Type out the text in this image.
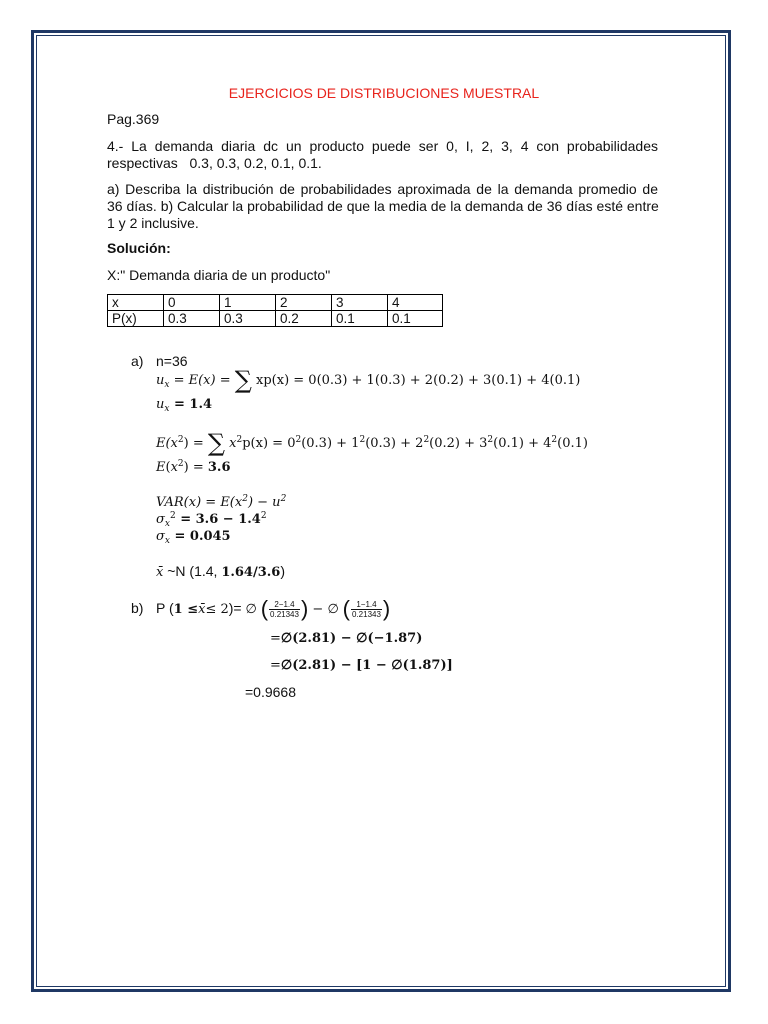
EJERCICIOS DE DISTRIBUCIONES MUESTRAL
Pag.369
4.- La demanda diaria dc un producto puede ser 0, I, 2, 3, 4 con probabilidades
respectivas   0.3, 0.3, 0.2, 0.1, 0.1.
a) Describa la distribución de probabilidades aproximada de la demanda promedio de
36 días. b) Calcular la probabilidad de que la media de la demanda de 36 días esté entre
1 y 2 inclusive.
Solución:
X:" Demanda diaria de un producto"
x	0	1	2	3	4
P(x)	0.3	0.3	0.2	0.1	0.1
a) n=36
$u_x = E(x)$ = ∑ xp(x) = 0(0.3) + 1(0.3) + 2(0.2) + 3(0.1) + 4(0.1)
$u_x = 1.4$
$E(x^2)$ = ∑ $x^2p(x) = 0^2(0.3) + 1^2(0.3) + 2^2(0.2) + 3^2(0.1) + 4^2(0.1)$
$E(x^2) = 3.6$
$VAR(x) = E(x^2) - u^2$
$\sigma_x^2 = 3.6 - 1.4^2$
$\sigma_x = 0.045$
x̄ ~N (1.4, 1.64/3.6)
b) P (1 ≤x̄≤ 2)= ∅ ( $\frac{2-1.4}{0.21343}$ ) − ∅ ( $\frac{1-1.4}{0.21343}$ )
=∅(2.81) − ∅(−1.87)
=∅(2.81) − [1 − ∅(1.87)]
=0.9668
